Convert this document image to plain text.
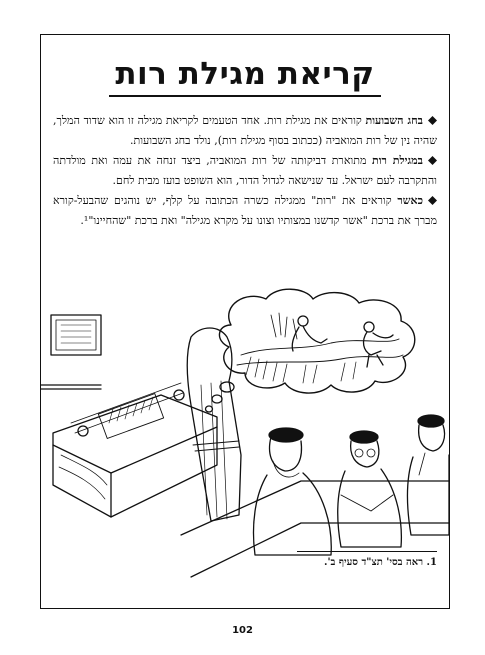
קריאת מגילת רות

בחג השבועות קוראים את מגילת רות. אחד הטעמים לקריאת מגילה זו הוא שדוד המלך, שהיה נין של רות המואביה (ככתוב בסוף מגילת רות), נולד בחג השבועות.

במגילת רות מתוארת דביקותה של רות המואביה, ביצד זנחה את עמה ואת מולדתה והתקרבה לעם ישראל. עד שנישאה לגדול הדור, הוא השופט בועז מבית לחם.

כאשר קוראים את "רות" ממגילה כשרה הכתובה על קלף, יש נוהגים שהבעל-קורא מברך את ברכת "אשר קדשנו במצותיו וצונו על מקרא מגילה" ואת ברכת "שהחיינו"¹.

1. ראה בסי' תצ"ד סעיף ב'.
102
